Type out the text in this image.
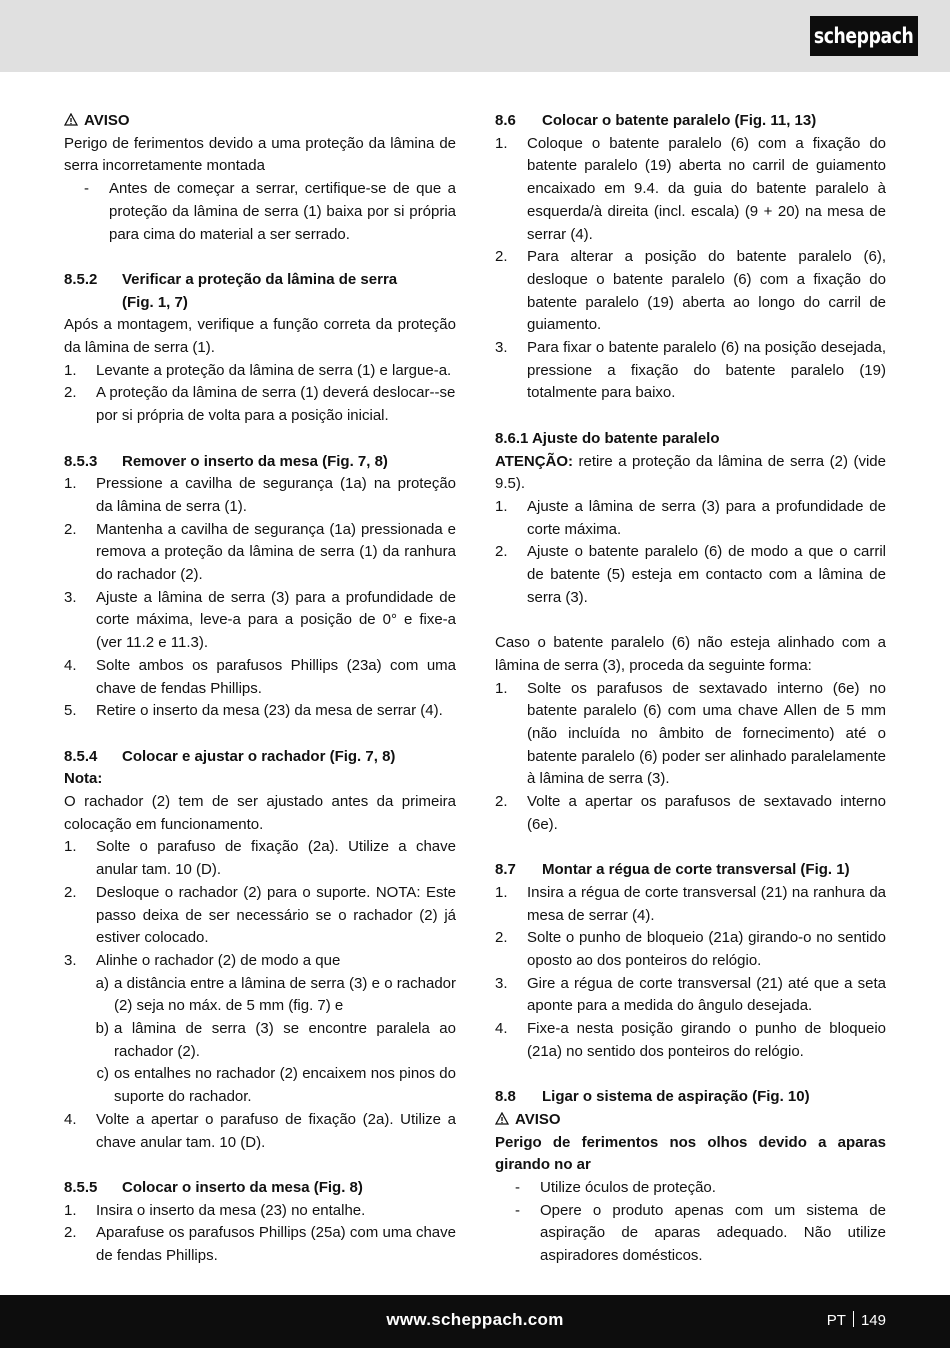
scheppach

AVISO

Perigo de ferimentos devido a uma proteção da lâmina de serra incorretamente montada

-	Antes de começar a serrar, certifique-se de que a proteção da lâmina de serra (1) baixa por si própria para cima do material a ser serrado.
8.5.2	Verificar a proteção da lâmina de serra
(Fig. 1, 7)

Após a montagem, verifique a função correta da proteção da lâmina de serra (1).

1.	Levante a proteção da lâmina de serra (1) e largue-a.
2.	A proteção da lâmina de serra (1) deverá deslocar--se por si própria de volta para a posição inicial.
8.5.3	Remover o inserto da mesa (Fig. 7, 8)
1.	Pressione a cavilha de segurança (1a) na proteção da lâmina de serra (1).
2.	Mantenha a cavilha de segurança (1a) pressionada e remova a proteção da lâmina de serra (1) da ranhura do rachador (2).
3.	Ajuste a lâmina de serra (3) para a profundidade de corte máxima, leve-a para a posição de 0° e fixe-a (ver 11.2 e 11.3).
4.	Solte ambos os parafusos Phillips (23a) com uma chave de fendas Phillips.
5.	Retire o inserto da mesa (23) da mesa de serrar (4).
8.5.4	Colocar e ajustar o rachador (Fig. 7, 8)

Nota:

O rachador (2) tem de ser ajustado antes da primeira colocação em funcionamento.

1.	Solte o parafuso de fixação (2a). Utilize a chave anular tam. 10 (D).
2.	Desloque o rachador (2) para o suporte. NOTA: Este passo deixa de ser necessário se o rachador (2) já estiver colocado.
3.	Alinhe o rachador (2) de modo a que
a) a distância entre a lâmina de serra (3) e o rachador (2) seja no máx. de 5 mm (fig. 7) e
b) a lâmina de serra (3) se encontre paralela ao rachador (2).
c) os entalhes no rachador (2) encaixem nos pinos do suporte do rachador.
4.	Volte a apertar o parafuso de fixação (2a). Utilize a chave anular tam. 10 (D).
8.5.5	Colocar o inserto da mesa (Fig. 8)
1.	Insira o inserto da mesa (23) no entalhe.
2.	Aparafuse os parafusos Phillips (25a) com uma chave de fendas Phillips.
8.6	Colocar o batente paralelo (Fig. 11, 13)
1.	Coloque o batente paralelo (6) com a fixação do batente paralelo (19) aberta no carril de guiamento encaixado em 9.4. da guia do batente paralelo à esquerda/à direita (incl. escala) (9 + 20) na mesa de serrar (4).
2.	Para alterar a posição do batente paralelo (6), desloque o batente paralelo (6) com a fixação do batente paralelo (19) aberta ao longo do carril de guiamento.
3.	Para fixar o batente paralelo (6) na posição desejada, pressione a fixação do batente paralelo (19) totalmente para baixo.

8.6.1 Ajuste do batente paralelo

ATENÇÃO: retire a proteção da lâmina de serra (2) (vide 9.5).

1.	Ajuste a lâmina de serra (3) para a profundidade de corte máxima.
2.	Ajuste o batente paralelo (6) de modo a que o carril de batente (5) esteja em contacto com a lâmina de serra (3).

Caso o batente paralelo (6) não esteja alinhado com a lâmina de serra (3), proceda da seguinte forma:

1.	Solte os parafusos de sextavado interno (6e) no batente paralelo (6) com uma chave Allen de 5 mm (não incluída no âmbito de fornecimento) até o batente paralelo (6) poder ser alinhado paralelamente à lâmina de serra (3).
2.	Volte a apertar os parafusos de sextavado interno (6e).
8.7	Montar a régua de corte transversal (Fig. 1)
1.	Insira a régua de corte transversal (21) na ranhura da mesa de serrar (4).
2.	Solte o punho de bloqueio (21a) girando-o no sentido oposto ao dos ponteiros do relógio.
3.	Gire a régua de corte transversal (21) até que a seta aponte para a medida do ângulo desejada.
4.	Fixe-a nesta posição girando o punho de bloqueio (21a) no sentido dos ponteiros do relógio.
8.8	Ligar o sistema de aspiração (Fig. 10)

AVISO

Perigo de ferimentos nos olhos devido a aparas girando no ar

-	Utilize óculos de proteção.
-	Opere o produto apenas com um sistema de aspiração de aparas adequado. Não utilize aspiradores domésticos.
www.scheppach.com	PT 149
